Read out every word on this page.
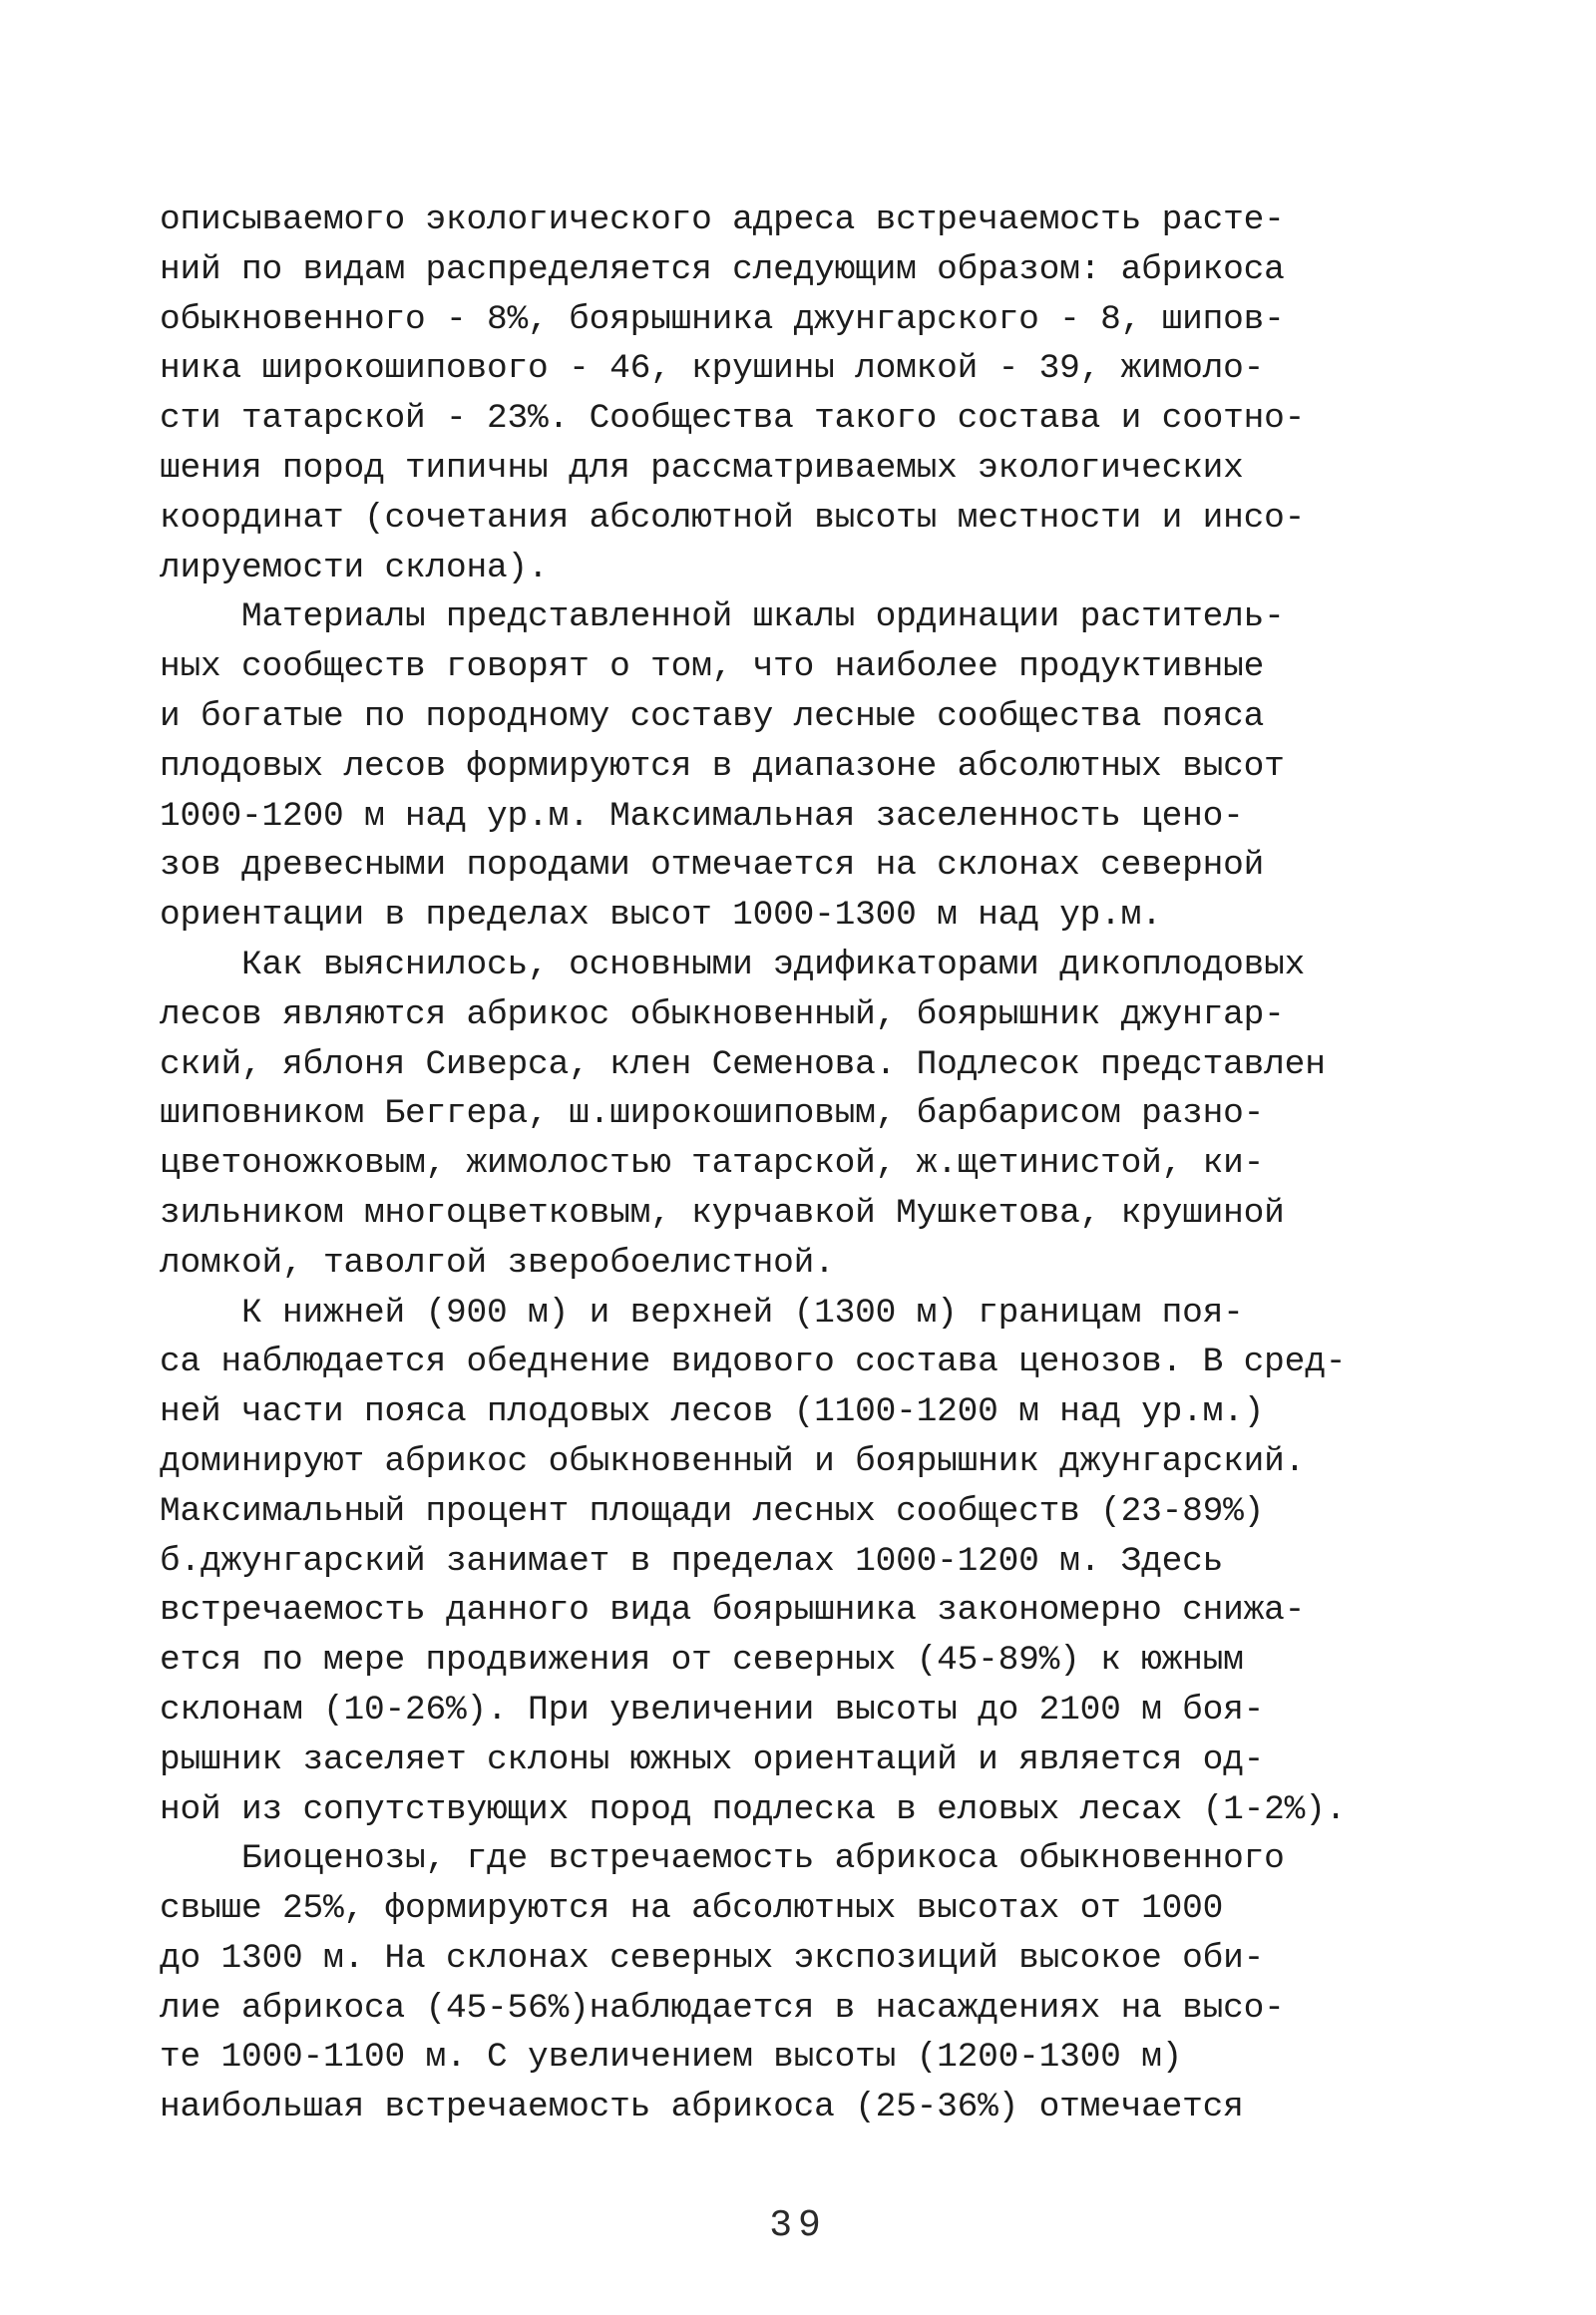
описываемого экологического адреса встречаемость расте-
ний по видам распределяется следующим образом: абрикоса
обыкновенного - 8%, боярышника джунгарского - 8, шипов-
ника широкошипового - 46, крушины ломкой - 39, жимоло-
сти татарской - 23%. Сообщества такого состава и соотно-
шения пород типичны для рассматриваемых экологических
координат (сочетания абсолютной высоты местности и инсо-
лируемости склона).
Материалы представленной шкалы ординации раститель-
ных сообществ говорят о том, что наиболее продуктивные
и богатые по породному составу лесные сообщества пояса
плодовых лесов формируются в диапазоне абсолютных высот
1000-1200 м над ур.м. Максимальная заселенность цено-
зов древесными породами отмечается на склонах северной
ориентации в пределах высот 1000-1300 м над ур.м.
Как выяснилось, основными эдификаторами дикоплодовых
лесов являются абрикос обыкновенный, боярышник джунгар-
ский, яблоня Сиверса, клен Семенова. Подлесок представлен
шиповником Беггера, ш.широкошиповым, барбарисом разно-
цветоножковым, жимолостью татарской, ж.щетинистой, ки-
зильником многоцветковым, курчавкой Мушкетова, крушиной
ломкой, таволгой зверобоелистной.
К нижней (900 м) и верхней (1300 м) границам поя-
са наблюдается обеднение видового состава ценозов. В сред-
ней части пояса плодовых лесов (1100-1200 м над ур.м.)
доминируют абрикос обыкновенный и боярышник джунгарский.
Максимальный процент площади лесных сообществ (23-89%)
б.джунгарский занимает в пределах 1000-1200 м. Здесь
встречаемость данного вида боярышника закономерно снижа-
ется по мере продвижения от северных (45-89%) к южным
склонам (10-26%). При увеличении высоты до 2100 м боя-
рышник заселяет склоны южных ориентаций и является од-
ной из сопутствующих пород подлеска в еловых лесах (1-2%).
Биоценозы, где встречаемость абрикоса обыкновенного
свыше 25%, формируются на абсолютных высотах от 1000
до 1300 м. На склонах северных экспозиций высокое оби-
лие абрикоса (45-56%)наблюдается в насаждениях на высо-
те 1000-1100 м. С увеличением высоты (1200-1300 м)
наибольшая встречаемость абрикоса (25-36%) отмечается
39
